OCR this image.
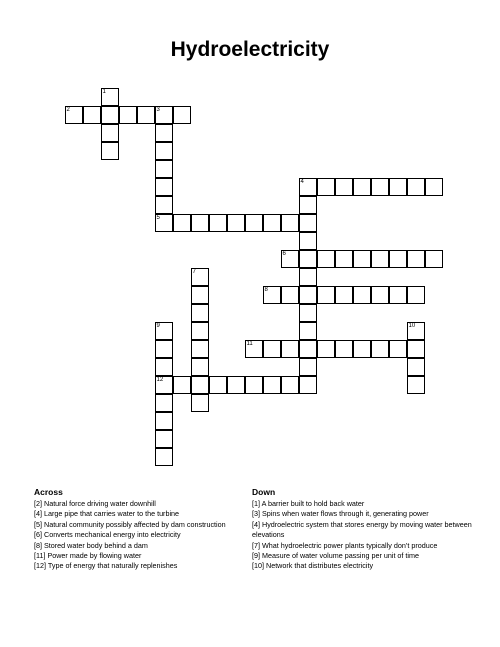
Hydroelectricity
1
2	3
4
5
6
7
8
9
12
10
11
Across
[2] Natural force driving water downhill
[4] Large pipe that carries water to the turbine
[5] Natural community possibly affected by dam construction
[6] Converts mechanical energy into electricity
[8] Stored water body behind a dam
[11] Power made by flowing water
[12] Type of energy that naturally replenishes
Down
[1] A barrier built to hold back water
[3] Spins when water flows through it, generating power
[4] Hydroelectric system that stores energy by moving water between elevations
[7] What hydroelectric power plants typically don’t produce
[9] Measure of water volume passing per unit of time
[10] Network that distributes electricity
